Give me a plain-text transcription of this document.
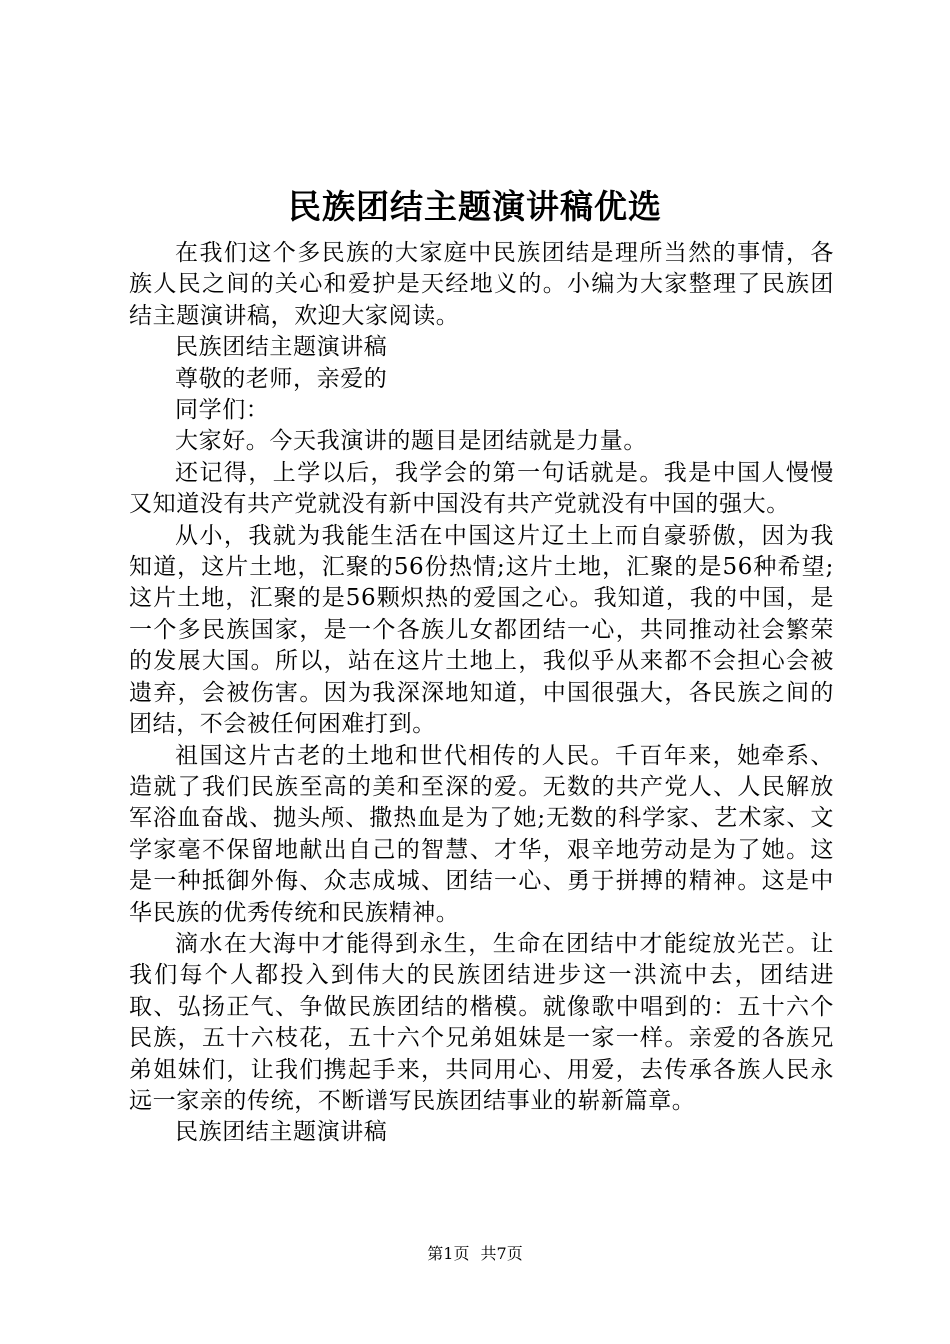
民族团结主题演讲稿优选

在我们这个多民族的大家庭中民族团结是理所当然的事情，各族人民之间的关心和爱护是天经地义的。小编为大家整理了民族团结主题演讲稿，欢迎大家阅读。

民族团结主题演讲稿

尊敬的老师，亲爱的

同学们：

大家好。今天我演讲的题目是团结就是力量。

还记得，上学以后，我学会的第一句话就是。我是中国人慢慢又知道没有共产党就没有新中国没有共产党就没有中国的强大。

从小，我就为我能生活在中国这片辽土上而自豪骄傲，因为我知道，这片土地，汇聚的56份热情;这片土地，汇聚的是56种希望;这片土地，汇聚的是56颗炽热的爱国之心。我知道，我的中国，是一个多民族国家，是一个各族儿女都团结一心，共同推动社会繁荣的发展大国。所以，站在这片土地上，我似乎从来都不会担心会被遗弃，会被伤害。因为我深深地知道，中国很强大，各民族之间的团结，不会被任何困难打到。

祖国这片古老的土地和世代相传的人民。千百年来，她牵系、造就了我们民族至高的美和至深的爱。无数的共产党人、人民解放军浴血奋战、抛头颅、撒热血是为了她;无数的科学家、艺术家、文学家毫不保留地献出自己的智慧、才华，艰辛地劳动是为了她。这是一种抵御外侮、众志成城、团结一心、勇于拼搏的精神。这是中华民族的优秀传统和民族精神。

滴水在大海中才能得到永生，生命在团结中才能绽放光芒。让我们每个人都投入到伟大的民族团结进步这一洪流中去，团结进取、弘扬正气、争做民族团结的楷模。就像歌中唱到的：五十六个民族，五十六枝花，五十六个兄弟姐妹是一家一样。亲爱的各族兄弟姐妹们，让我们携起手来，共同用心、用爱，去传承各族人民永远一家亲的传统，不断谱写民族团结事业的崭新篇章。

民族团结主题演讲稿

第1页 共7页
